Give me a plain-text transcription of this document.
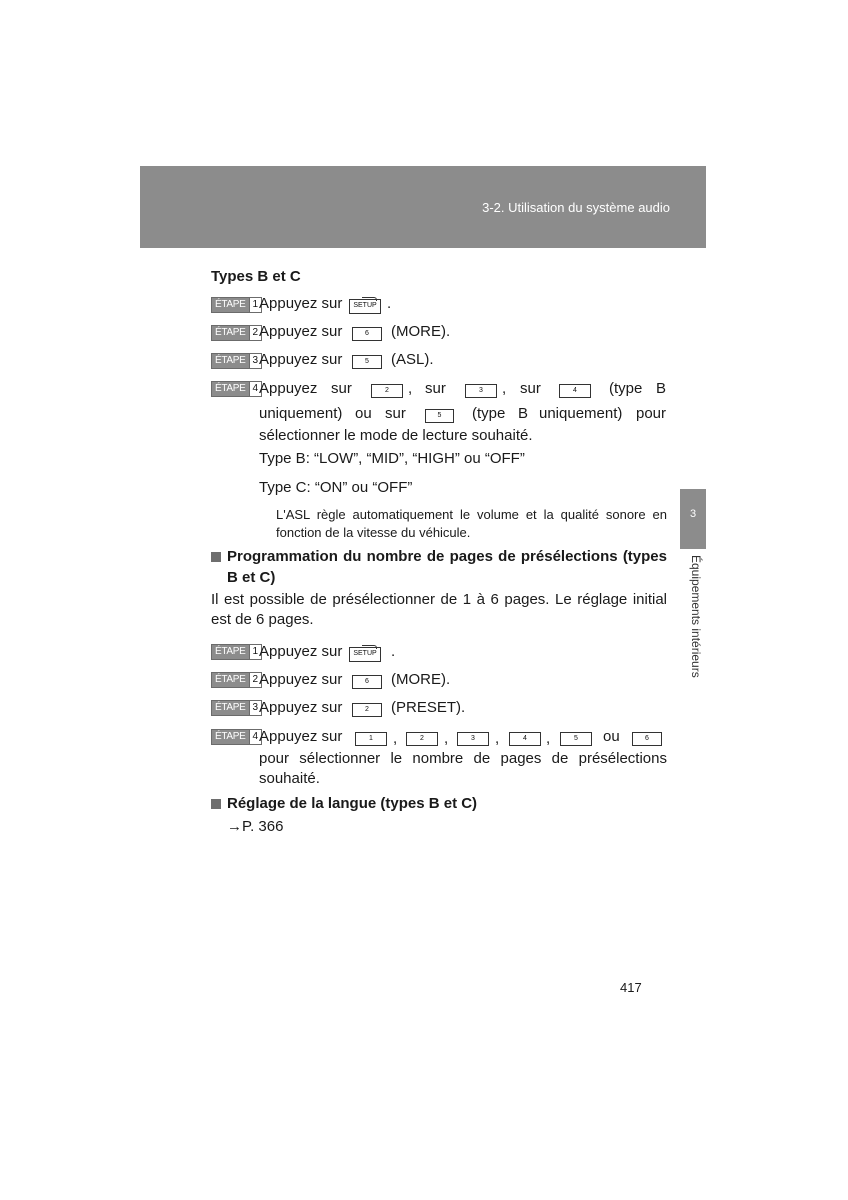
3-2. Utilisation du système audio
3
Équipements intérieurs
Types B et C
ÉTAPE 1 Appuyez sur	SETUP .
ÉTAPE 2 Appuyez sur	6	(MORE).
ÉTAPE 3 Appuyez sur	5	(ASL).
ÉTAPE 4 Appuyez sur	2	, sur	3	, sur	4	(type B
uniquement) ou sur	5	(type B uniquement) pour
sélectionner le mode de lecture souhaité.
Type B: “LOW”, “MID”, “HIGH” ou “OFF”
Type C: “ON” ou “OFF”
L'ASL règle automatiquement le volume et la qualité sonore en
fonction de la vitesse du véhicule.
Programmation du nombre de pages de présélections (types
B et C)
Il est possible de présélectionner de 1 à 6 pages. Le réglage initial
est de 6 pages.
ÉTAPE 1 Appuyez sur	SETUP .
ÉTAPE 2 Appuyez sur	6	(MORE).
ÉTAPE 3 Appuyez sur	2	(PRESET).
ÉTAPE 4 Appuyez sur	1	,	2	,	3	,	4	,	5	ou	6
pour sélectionner le nombre de pages de présélections
souhaité.
Réglage de la langue (types B et C)
→P. 366
417
